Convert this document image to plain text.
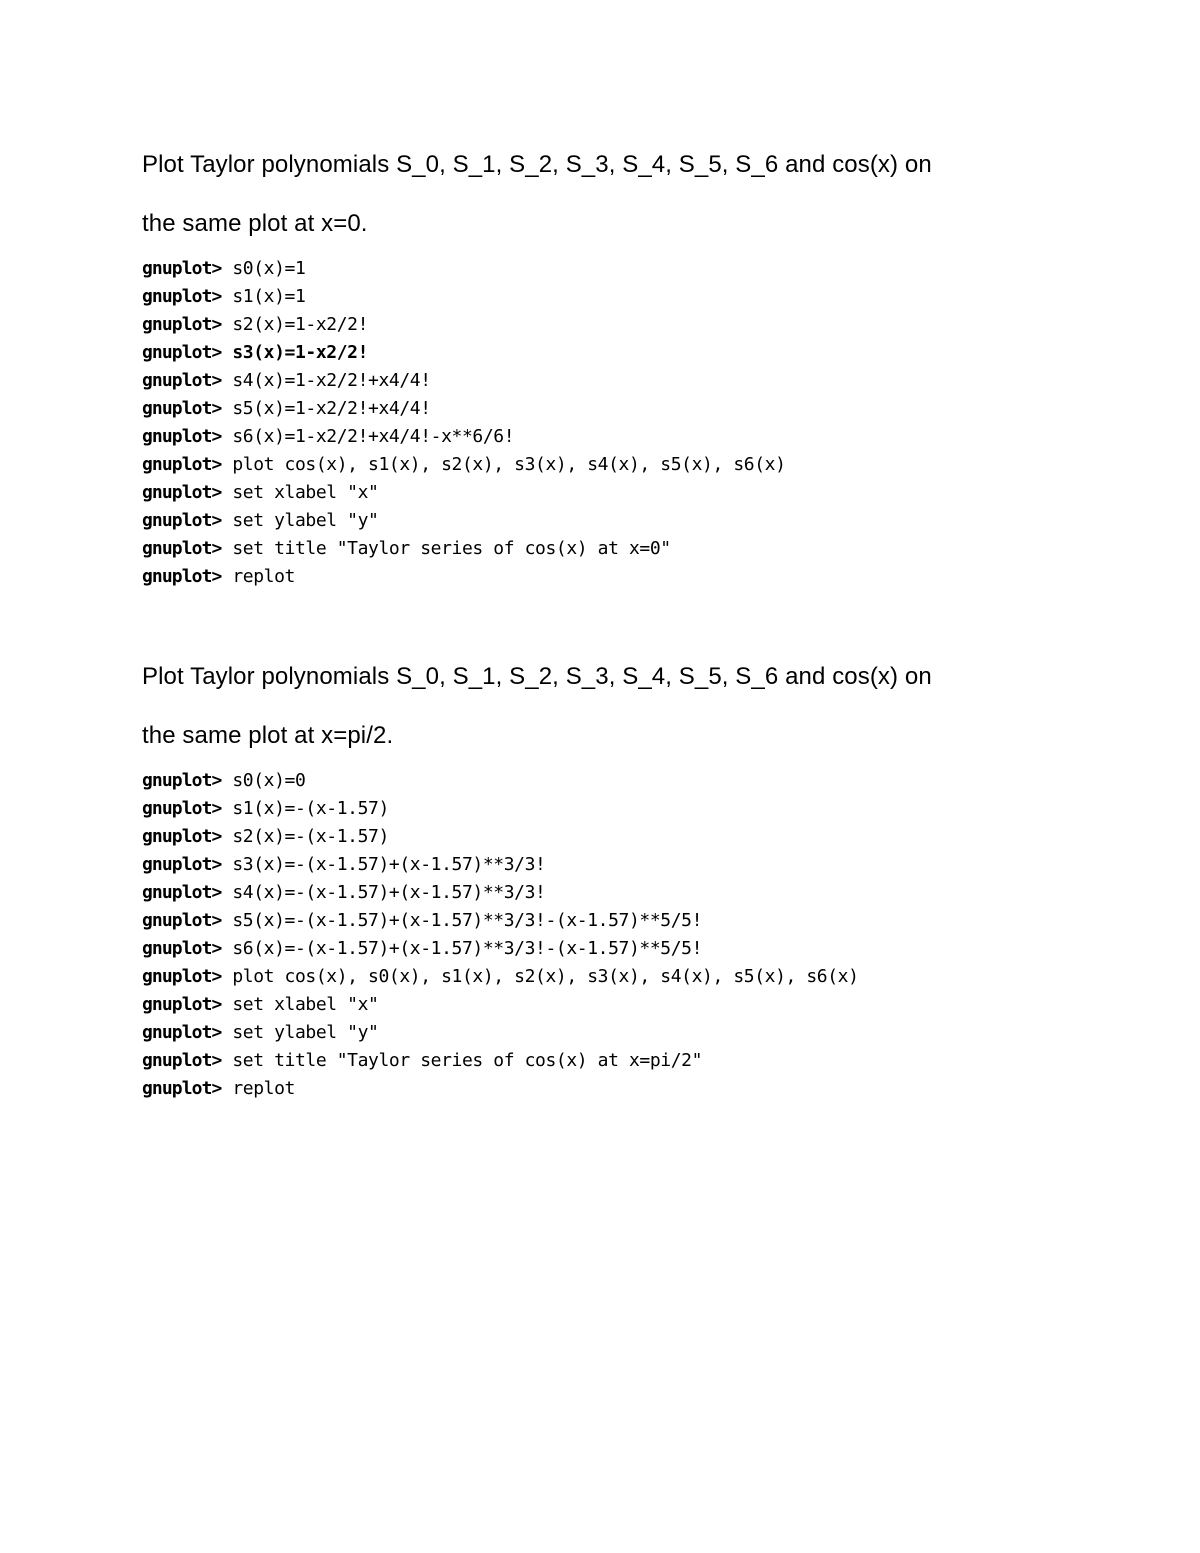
Plot Taylor polynomials S_0, S_1, S_2, S_3, S_4, S_5, S_6 and cos(x) on
the same plot at x=0.
gnuplot> s0(x)=1
gnuplot> s1(x)=1
gnuplot> s2(x)=1-x2/2!
gnuplot> s3(x)=1-x2/2!
gnuplot> s4(x)=1-x2/2!+x4/4!
gnuplot> s5(x)=1-x2/2!+x4/4!
gnuplot> s6(x)=1-x2/2!+x4/4!-x**6/6!
gnuplot> plot cos(x), s1(x), s2(x), s3(x), s4(x), s5(x), s6(x)
gnuplot> set xlabel "x"
gnuplot> set ylabel "y"
gnuplot> set title "Taylor series of cos(x) at x=0"
gnuplot> replot
Plot Taylor polynomials S_0, S_1, S_2, S_3, S_4, S_5, S_6 and cos(x) on
the same plot at x=pi/2.
gnuplot> s0(x)=0
gnuplot> s1(x)=-(x-1.57)
gnuplot> s2(x)=-(x-1.57)
gnuplot> s3(x)=-(x-1.57)+(x-1.57)**3/3!
gnuplot> s4(x)=-(x-1.57)+(x-1.57)**3/3!
gnuplot> s5(x)=-(x-1.57)+(x-1.57)**3/3!-(x-1.57)**5/5!
gnuplot> s6(x)=-(x-1.57)+(x-1.57)**3/3!-(x-1.57)**5/5!
gnuplot> plot cos(x), s0(x), s1(x), s2(x), s3(x), s4(x), s5(x), s6(x)
gnuplot> set xlabel "x"
gnuplot> set ylabel "y"
gnuplot> set title "Taylor series of cos(x) at x=pi/2"
gnuplot> replot
